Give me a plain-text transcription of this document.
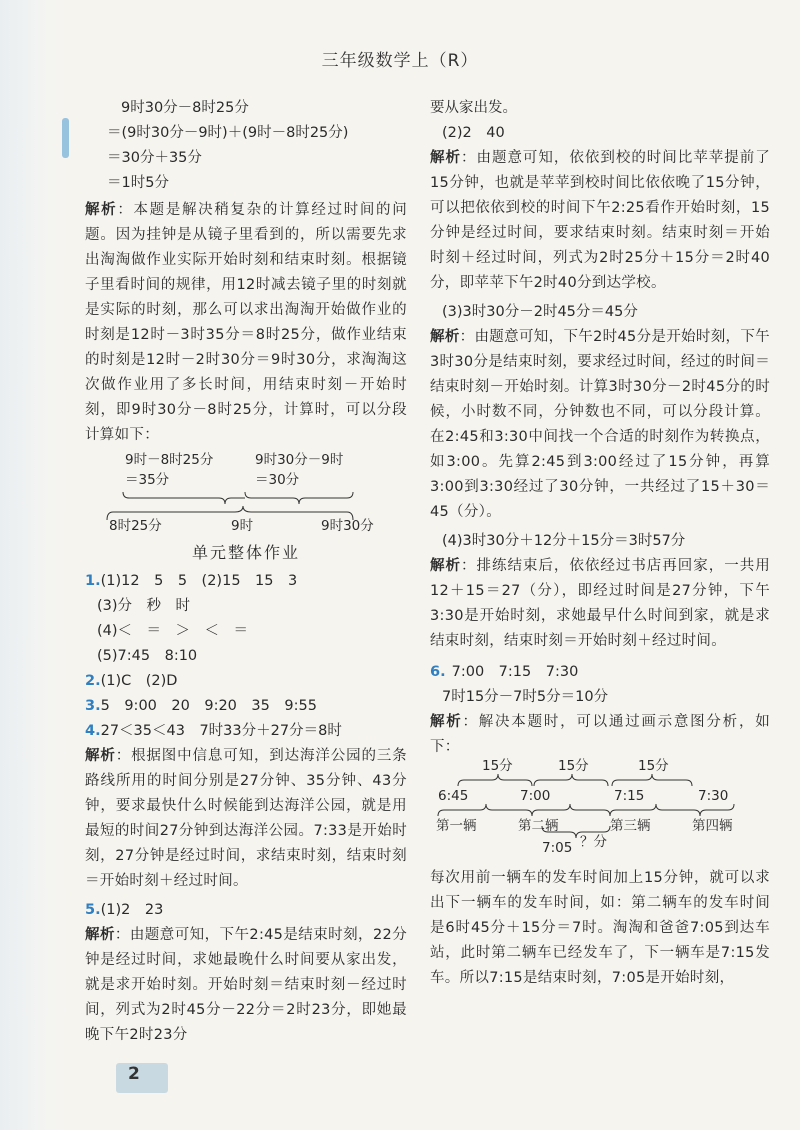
三年级数学上（R）
9时30分－8时25分
＝(9时30分－9时)＋(9时－8时25分)
＝30分＋35分
＝1时5分
解析：本题是解决稍复杂的计算经过时间的问题。因为挂钟是从镜子里看到的，所以需要先求出淘淘做作业实际开始时刻和结束时刻。根据镜子里看时间的规律，用12时减去镜子里的时刻就是实际的时刻，那么可以求出淘淘开始做作业的时刻是12时－3时35分＝8时25分，做作业结束的时刻是12时－2时30分＝9时30分，求淘淘这次做作业用了多长时间，用结束时刻－开始时刻，即9时30分－8时25分，计算时，可以分段计算如下：
9时－8时25分
＝35分
9时30分－9时
＝30分
8时25分	9时	9时30分
单元整体作业
1.(1)12　5　5　(2)15　15　3
(3)分　秒　时
(4)＜　＝　＞　＜　＝
(5)7:45　8:10
2.(1)C　(2)D
3.5　9:00　20　9:20　35　9:55
4.27＜35＜43　7时33分＋27分＝8时
解析：根据图中信息可知，到达海洋公园的三条路线所用的时间分别是27分钟、35分钟、43分钟，要求最快什么时候能到达海洋公园，就是用最短的时间27分钟到达海洋公园。7:33是开始时刻，27分钟是经过时间，求结束时刻，结束时刻＝开始时刻＋经过时间。
5.(1)2　23
解析：由题意可知，下午2:45是结束时刻，22分钟是经过时间，求她最晚什么时间要从家出发，就是求开始时刻。开始时刻＝结束时刻－经过时间，列式为2时45分－22分＝2时23分，即她最晚下午2时23分
要从家出发。
(2)2　40
解析：由题意可知，依依到校的时间比苹苹提前了15分钟，也就是苹苹到校时间比依依晚了15分钟，可以把依依到校的时间下午2:25看作开始时刻，15分钟是经过时间，要求结束时刻。结束时刻＝开始时刻＋经过时间，列式为2时25分＋15分＝2时40分，即苹苹下午2时40分到达学校。
(3)3时30分－2时45分＝45分
解析：由题意可知，下午2时45分是开始时刻，下午3时30分是结束时刻，要求经过时间，经过的时间＝结束时刻－开始时刻。计算3时30分－2时45分的时候，小时数不同，分钟数也不同，可以分段计算。在2:45和3:30中间找一个合适的时刻作为转换点，如3:00。先算2:45到3:00经过了15分钟，再算3:00到3:30经过了30分钟，一共经过了15＋30＝45（分）。
(4)3时30分＋12分＋15分＝3时57分
解析：排练结束后，依依经过书店再回家，一共用12＋15＝27（分），即经过时间是27分钟，下午3:30是开始时刻，求她最早什么时间到家，就是求结束时刻，结束时刻＝开始时刻＋经过时间。
6. 7:00　7:15　7:30
7时15分－7时5分＝10分
解析：解决本题时，可以通过画示意图分析，如下：
15分	15分	15分
6:45	7:00	7:15	7:30
第一辆	第二辆	第三辆	第四辆
7:05 ？分
每次用前一辆车的发车时间加上15分钟，就可以求出下一辆车的发车时间，如：第二辆车的发车时间是6时45分＋15分＝7时。淘淘和爸爸7:05到达车站，此时第二辆车已经发车了，下一辆车是7:15发车。所以7:15是结束时刻，7:05是开始时刻，
2
